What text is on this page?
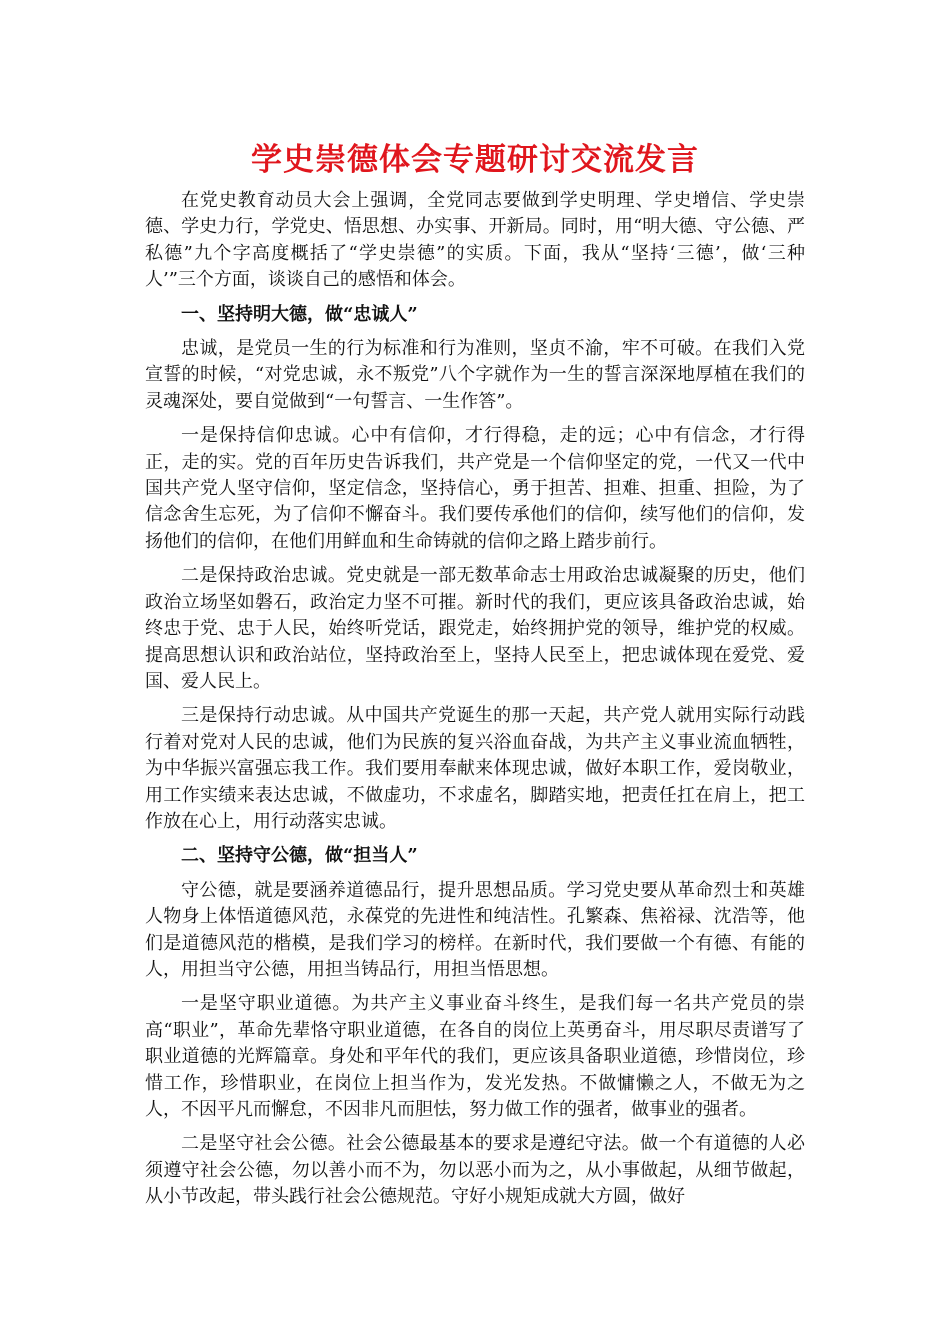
学史崇德体会专题研讨交流发言

在党史教育动员大会上强调，全党同志要做到学史明理、学史增信、学史崇德、学史力行，学党史、悟思想、办实事、开新局。同时，用“明大德、守公德、严私德”九个字高度概括了“学史崇德”的实质。下面，我从“坚持‘三德’，做‘三种人’”三个方面，谈谈自己的感悟和体会。

一、坚持明大德，做“忠诚人”

忠诚，是党员一生的行为标准和行为准则，坚贞不渝，牢不可破。在我们入党宣誓的时候，“对党忠诚，永不叛党”八个字就作为一生的誓言深深地厚植在我们的灵魂深处，要自觉做到“一句誓言、一生作答”。

一是保持信仰忠诚。心中有信仰，才行得稳，走的远；心中有信念，才行得正，走的实。党的百年历史告诉我们，共产党是一个信仰坚定的党，一代又一代中国共产党人坚守信仰，坚定信念，坚持信心，勇于担苦、担难、担重、担险，为了信念舍生忘死，为了信仰不懈奋斗。我们要传承他们的信仰，续写他们的信仰，发扬他们的信仰，在他们用鲜血和生命铸就的信仰之路上踏步前行。

二是保持政治忠诚。党史就是一部无数革命志士用政治忠诚凝聚的历史，他们政治立场坚如磐石，政治定力坚不可摧。新时代的我们，更应该具备政治忠诚，始终忠于党、忠于人民，始终听党话，跟党走，始终拥护党的领导，维护党的权威。提高思想认识和政治站位，坚持政治至上，坚持人民至上，把忠诚体现在爱党、爱国、爱人民上。

三是保持行动忠诚。从中国共产党诞生的那一天起，共产党人就用实际行动践行着对党对人民的忠诚，他们为民族的复兴浴血奋战，为共产主义事业流血牺牲，为中华振兴富强忘我工作。我们要用奉献来体现忠诚，做好本职工作，爱岗敬业，用工作实绩来表达忠诚，不做虚功，不求虚名，脚踏实地，把责任扛在肩上，把工作放在心上，用行动落实忠诚。

二、坚持守公德，做“担当人”

守公德，就是要涵养道德品行，提升思想品质。学习党史要从革命烈士和英雄人物身上体悟道德风范，永葆党的先进性和纯洁性。孔繁森、焦裕禄、沈浩等，他们是道德风范的楷模，是我们学习的榜样。在新时代，我们要做一个有德、有能的人，用担当守公德，用担当铸品行，用担当悟思想。

一是坚守职业道德。为共产主义事业奋斗终生，是我们每一名共产党员的崇高“职业”，革命先辈恪守职业道德，在各自的岗位上英勇奋斗，用尽职尽责谱写了职业道德的光辉篇章。身处和平年代的我们，更应该具备职业道德，珍惜岗位，珍惜工作，珍惜职业，在岗位上担当作为，发光发热。不做慵懒之人，不做无为之人，不因平凡而懈怠，不因非凡而胆怯，努力做工作的强者，做事业的强者。

二是坚守社会公德。社会公德最基本的要求是遵纪守法。做一个有道德的人必须遵守社会公德，勿以善小而不为，勿以恶小而为之，从小事做起，从细节做起，从小节改起，带头践行社会公德规范。守好小规矩成就大方圆，做好
